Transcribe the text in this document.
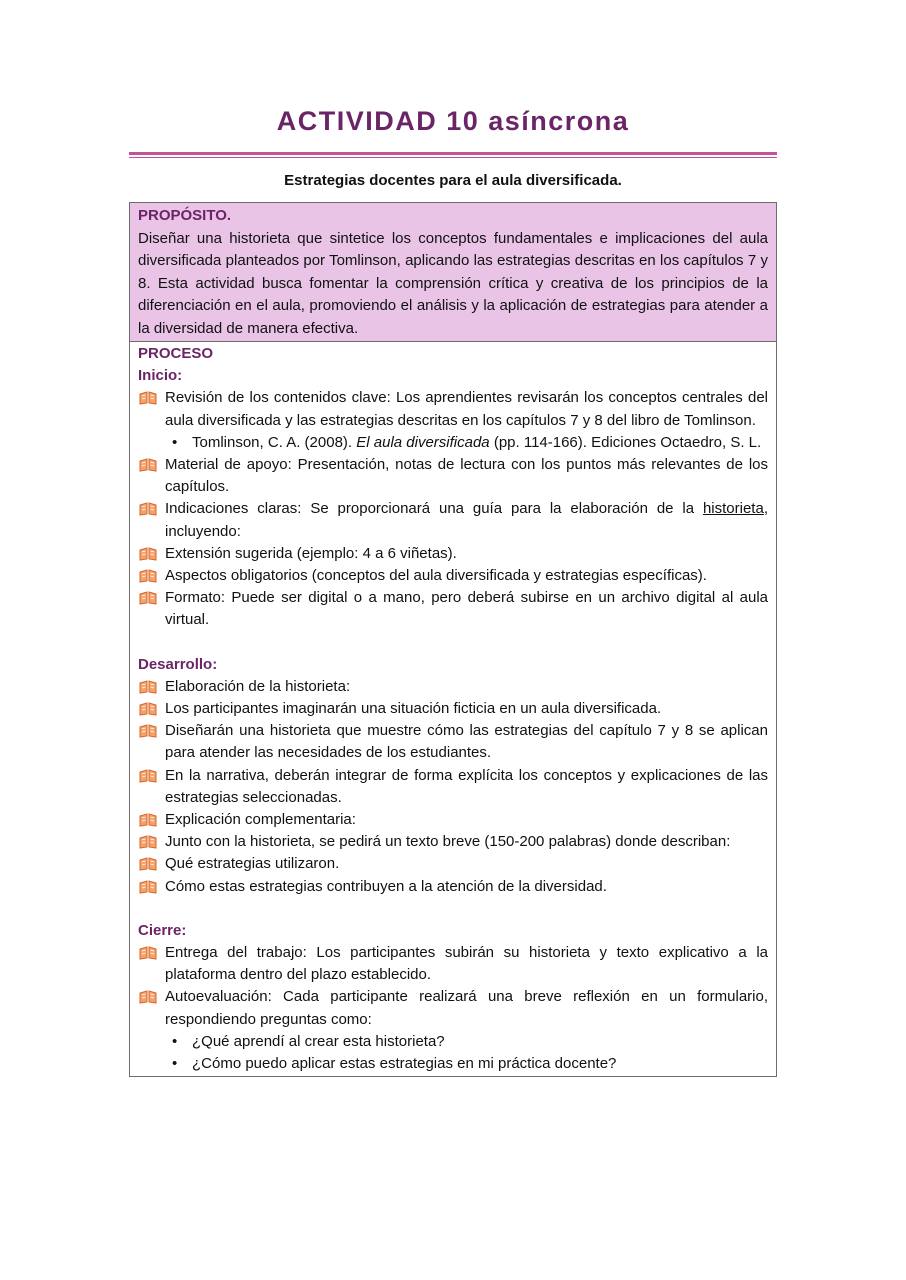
ACTIVIDAD 10 asíncrona
Estrategias docentes para el aula diversificada.
PROPÓSITO.
Diseñar una historieta que sintetice los conceptos fundamentales e implicaciones del aula diversificada planteados por Tomlinson, aplicando las estrategias descritas en los capítulos 7 y 8. Esta actividad busca fomentar la comprensión crítica y creativa de los principios de la diferenciación en el aula, promoviendo el análisis y la aplicación de estrategias para atender a la diversidad de manera efectiva.
PROCESO
Inicio:
Revisión de los contenidos clave: Los aprendientes revisarán los conceptos centrales del aula diversificada y las estrategias descritas en los capítulos 7 y 8 del libro de Tomlinson.
• Tomlinson, C. A. (2008). El aula diversificada (pp. 114-166). Ediciones Octaedro, S. L.
Material de apoyo: Presentación, notas de lectura con los puntos más relevantes de los capítulos.
Indicaciones claras: Se proporcionará una guía para la elaboración de la historieta, incluyendo:
Extensión sugerida (ejemplo: 4 a 6 viñetas).
Aspectos obligatorios (conceptos del aula diversificada y estrategias específicas).
Formato: Puede ser digital o a mano, pero deberá subirse en un archivo digital al aula virtual.
Desarrollo:
Elaboración de la historieta:
Los participantes imaginarán una situación ficticia en un aula diversificada.
Diseñarán una historieta que muestre cómo las estrategias del capítulo 7 y 8 se aplican para atender las necesidades de los estudiantes.
En la narrativa, deberán integrar de forma explícita los conceptos y explicaciones de las estrategias seleccionadas.
Explicación complementaria:
Junto con la historieta, se pedirá un texto breve (150-200 palabras) donde describan:
Qué estrategias utilizaron.
Cómo estas estrategias contribuyen a la atención de la diversidad.
Cierre:
Entrega del trabajo: Los participantes subirán su historieta y texto explicativo a la plataforma dentro del plazo establecido.
Autoevaluación: Cada participante realizará una breve reflexión en un formulario, respondiendo preguntas como:
• ¿Qué aprendí al crear esta historieta?
• ¿Cómo puedo aplicar estas estrategias en mi práctica docente?
